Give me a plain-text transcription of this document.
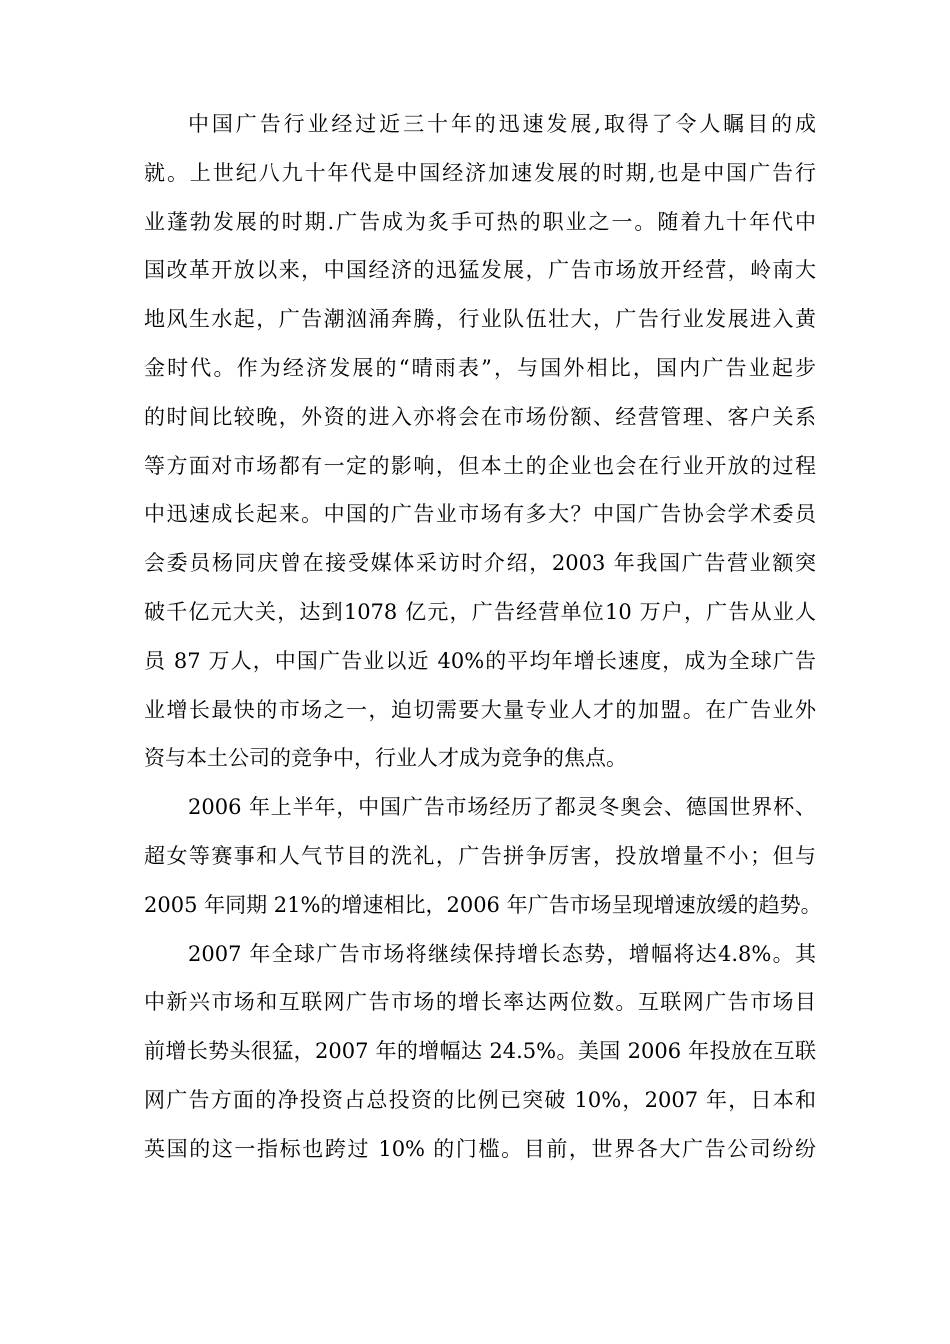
中国广告行业经过近三十年的迅速发展,取得了令人瞩目的成
就。上世纪八九十年代是中国经济加速发展的时期,也是中国广告行
业蓬勃发展的时期.广告成为炙手可热的职业之一。随着九十年代中
国改革开放以来，中国经济的迅猛发展，广告市场放开经营，岭南大
地风生水起，广告潮汹涌奔腾，行业队伍壮大，广告行业发展进入黄
金时代。作为经济发展的“晴雨表”，与国外相比，国内广告业起步
的时间比较晚，外资的进入亦将会在市场份额、经营管理、客户关系
等方面对市场都有一定的影响，但本土的企业也会在行业开放的过程
中迅速成长起来。中国的广告业市场有多大？中国广告协会学术委员
会委员杨同庆曾在接受媒体采访时介绍，2003 年我国广告营业额突
破千亿元大关，达到1078 亿元，广告经营单位10 万户，广告从业人
员 87 万人，中国广告业以近 40%的平均年增长速度，成为全球广告
业增长最快的市场之一，迫切需要大量专业人才的加盟。在广告业外
资与本土公司的竞争中，行业人才成为竞争的焦点。
2006 年上半年，中国广告市场经历了都灵冬奥会、德国世界杯、
超女等赛事和人气节目的洗礼，广告拼争厉害，投放增量不小；但与
2005 年同期 21%的增速相比，2006 年广告市场呈现增速放缓的趋势。
2007 年全球广告市场将继续保持增长态势，增幅将达4.8%。其
中新兴市场和互联网广告市场的增长率达两位数。互联网广告市场目
前增长势头很猛，2007 年的增幅达 24.5%。美国 2006 年投放在互联
网广告方面的净投资占总投资的比例已突破 10%，2007 年，日本和
英国的这一指标也跨过 10% 的门槛。目前，世界各大广告公司纷纷
